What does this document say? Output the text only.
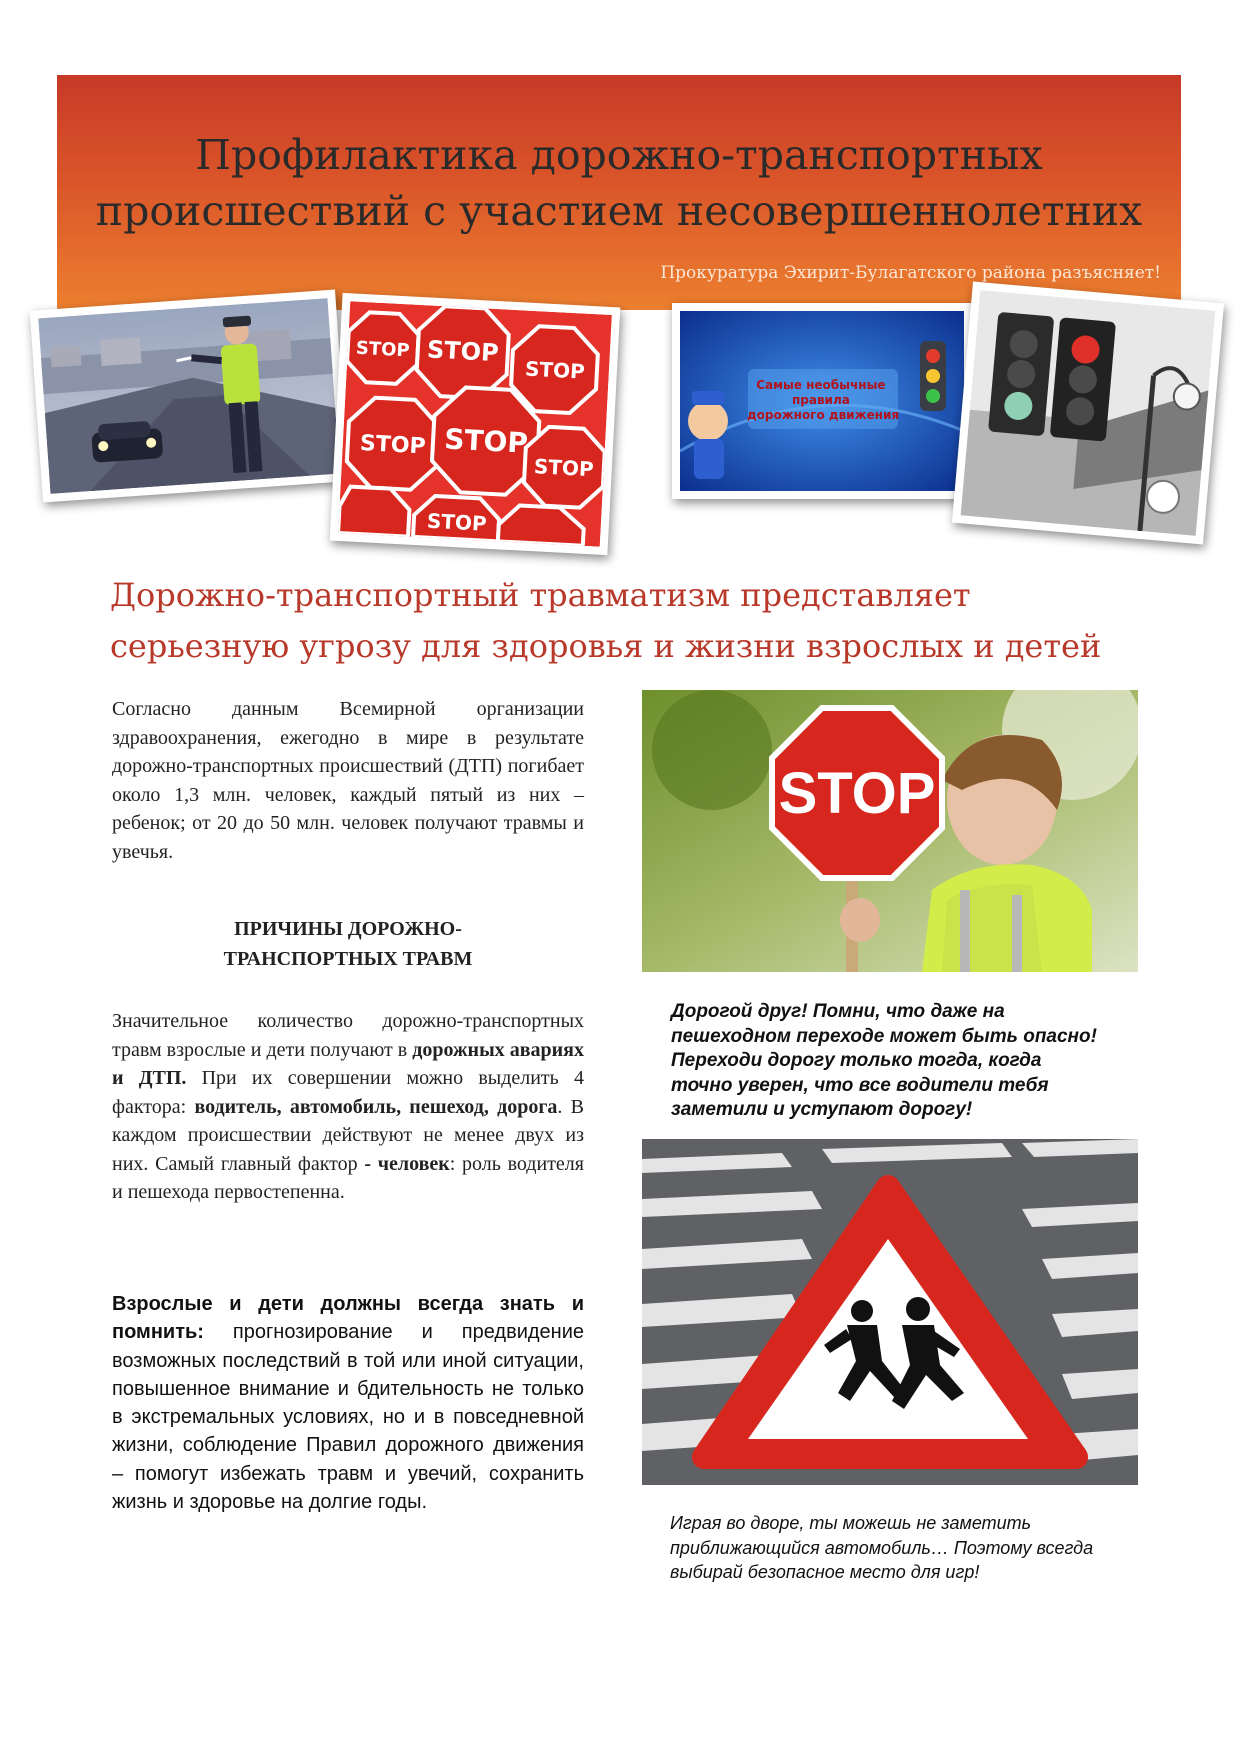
Профилактика дорожно-транспортных
происшествий с участием несовершеннолетних
Прокуратура Эхирит-Булагатского района разъясняет!
STOP STOP
STOP
STOP STOP
STOP
STOP
Самые необычные правила дорожного движения
Дорожно-транспортный травматизм представляет
серьезную угрозу для здоровья и жизни взрослых и детей
Согласно данным Всемирной организации здравоохранения, ежегодно в мире в результате дорожно-транспортных происшествий (ДТП) погибает около 1,3 млн. человек, каждый пятый из них – ребенок; от 20 до 50 млн. человек получают травмы и увечья.
ПРИЧИНЫ ДОРОЖНО-
ТРАНСПОРТНЫХ ТРАВМ
Значительное количество дорожно-транспортных травм взрослые и дети получают в дорожных авариях и ДТП. При их совершении можно выделить 4 фактора: водитель, автомобиль, пешеход, дорога. В каждом происшествии действуют не менее двух из них. Самый главный фактор - человек: роль водителя и пешехода первостепенна.
Взрослые и дети должны всегда знать и помнить: прогнозирование и предвидение возможных последствий в той или иной ситуации, повышенное внимание и бдительность не только в экстремальных условиях, но и в повседневной жизни, соблюдение Правил дорожного движения – помогут избежать травм и увечий, сохранить жизнь и здоровье на долгие годы.
STOP
Дорогой друг! Помни, что даже на пешеходном переходе может быть опасно! Переходи дорогу только тогда, когда точно уверен, что все водители тебя заметили и уступают дорогу!
Играя во дворе, ты можешь не заметить приближающийся автомобиль… Поэтому всегда выбирай безопасное место для игр!
